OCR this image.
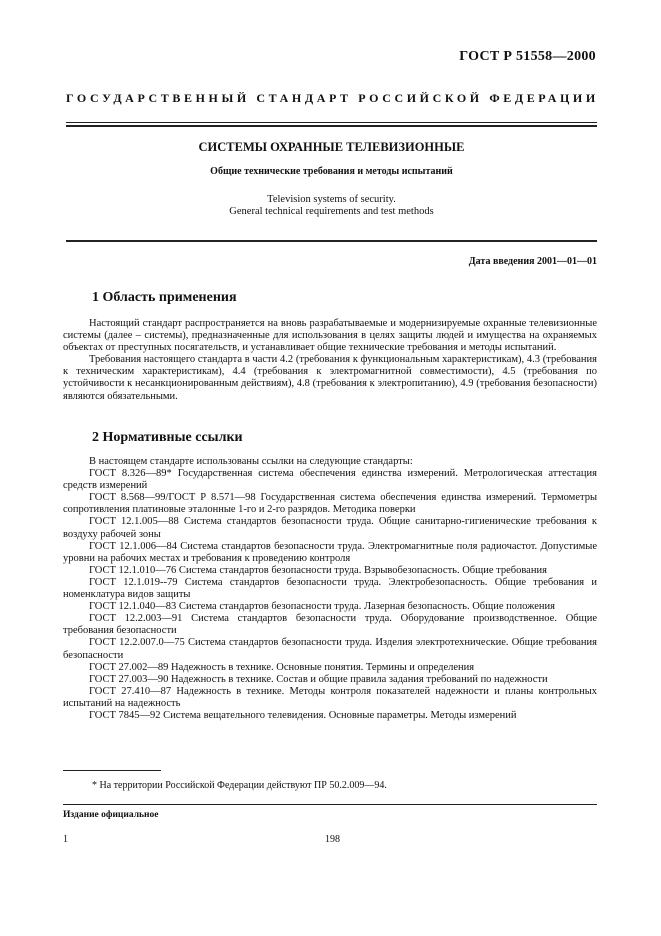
ГОСТ Р 51558—2000
ГОСУДАРСТВЕННЫЙ СТАНДАРТ РОССИЙСКОЙ ФЕДЕРАЦИИ
СИСТЕМЫ ОХРАННЫЕ ТЕЛЕВИЗИОННЫЕ
Общие технические требования и методы испытаний
Television systems of security.
General technical requirements and test methods
Дата введения 2001—01—01
1 Область применения

Настоящий стандарт распространяется на вновь разрабатываемые и модернизируемые охранные телевизионные системы (далее – системы), предназначенные для использования в целях защиты людей и имущества на охраняемых объектах от преступных посягательств, и устанавливает общие технические требования и методы испытаний.

Требования настоящего стандарта в части 4.2 (требования к функциональным характеристикам), 4.3 (требования к техническим характеристикам), 4.4 (требования к электромагнитной совместимости), 4.5 (требования по устойчивости к несанкционированным действиям), 4.8 (требования к электропитанию), 4.9 (требования безопасности) являются обязательными.

2 Нормативные ссылки

В настоящем стандарте использованы ссылки на следующие стандарты:

ГОСТ 8.326—89* Государственная система обеспечения единства измерений. Метрологическая аттестация средств измерений

ГОСТ 8.568—99/ГОСТ Р 8.571—98 Государственная система обеспечения единства измерений. Термометры сопротивления платиновые эталонные 1-го и 2-го разрядов. Методика поверки

ГОСТ 12.1.005—88 Система стандартов безопасности труда. Общие санитарно-гигиенические требования к воздуху рабочей зоны

ГОСТ 12.1.006—84 Система стандартов безопасности труда. Электромагнитные поля радиочастот. Допустимые уровни на рабочих местах и требования к проведению контроля

ГОСТ 12.1.010—76 Система стандартов безопасности труда. Взрывобезопасность. Общие требования

ГОСТ 12.1.019--79 Система стандартов безопасности труда. Электробезопасность. Общие требования и номенклатура видов защиты

ГОСТ 12.1.040—83 Система стандартов безопасности труда. Лазерная безопасность. Общие положения

ГОСТ 12.2.003—91 Система стандартов безопасности труда. Оборудование производственное. Общие требования безопасности

ГОСТ 12.2.007.0—75 Система стандартов безопасности труда. Изделия электротехнические. Общие требования безопасности

ГОСТ 27.002—89 Надежность в технике. Основные понятия. Термины и определения

ГОСТ 27.003—90 Надежность в технике. Состав и общие правила задания требований по надежности

ГОСТ 27.410—87 Надежность в технике. Методы контроля показателей надежности и планы контрольных испытаний на надежность

ГОСТ 7845—92 Система вещательного телевидения. Основные параметры. Методы измерений

* На территории Российской Федерации действуют ПР 50.2.009—94.
Издание официальное
1	198
